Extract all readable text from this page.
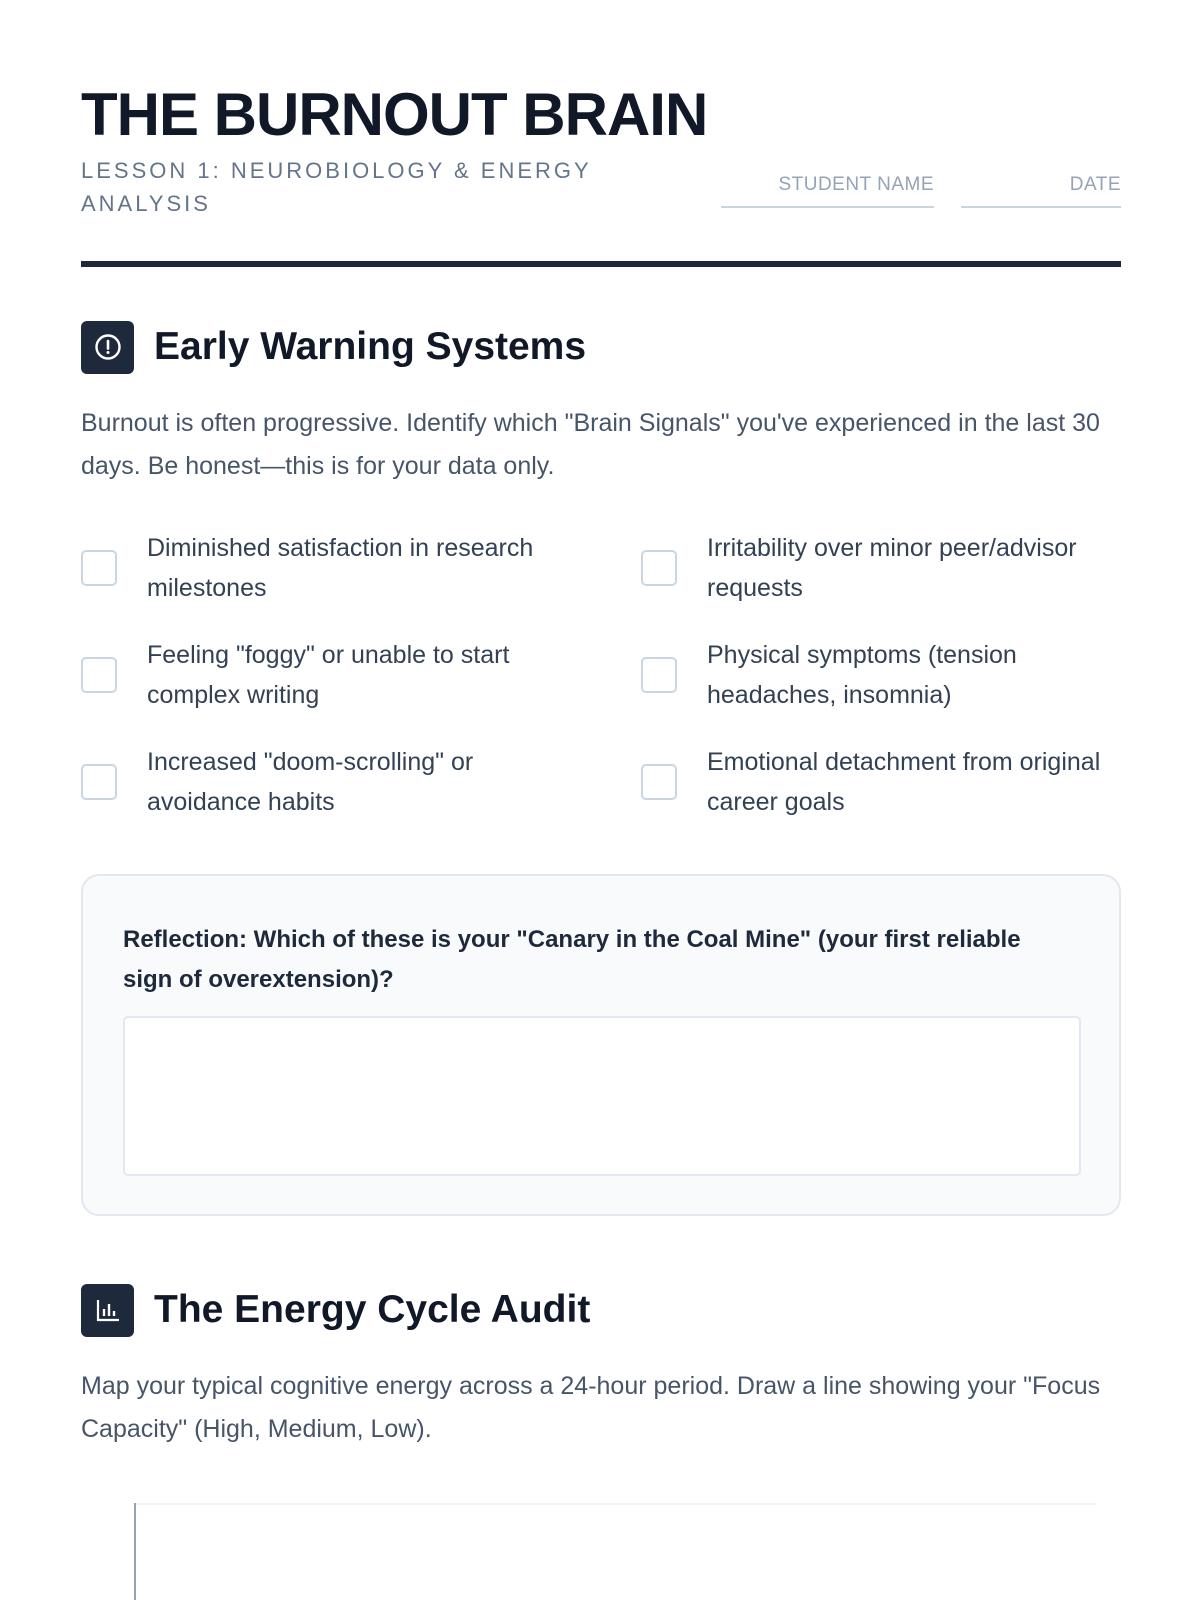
THE BURNOUT BRAIN
LESSON 1: NEUROBIOLOGY & ENERGY ANALYSIS
STUDENT NAME	DATE
Early Warning Systems

Burnout is often progressive. Identify which "Brain Signals" you've experienced in the last 30 days. Be honest—this is for your data only.

Diminished satisfaction in research milestones
Irritability over minor peer/advisor requests
Feeling "foggy" or unable to start complex writing
Physical symptoms (tension headaches, insomnia)
Increased "doom-scrolling" or avoidance habits
Emotional detachment from original career goals

Reflection: Which of these is your "Canary in the Coal Mine" (your first reliable sign of overextension)?

The Energy Cycle Audit

Map your typical cognitive energy across a 24-hour period. Draw a line showing your "Focus Capacity" (High, Medium, Low).
